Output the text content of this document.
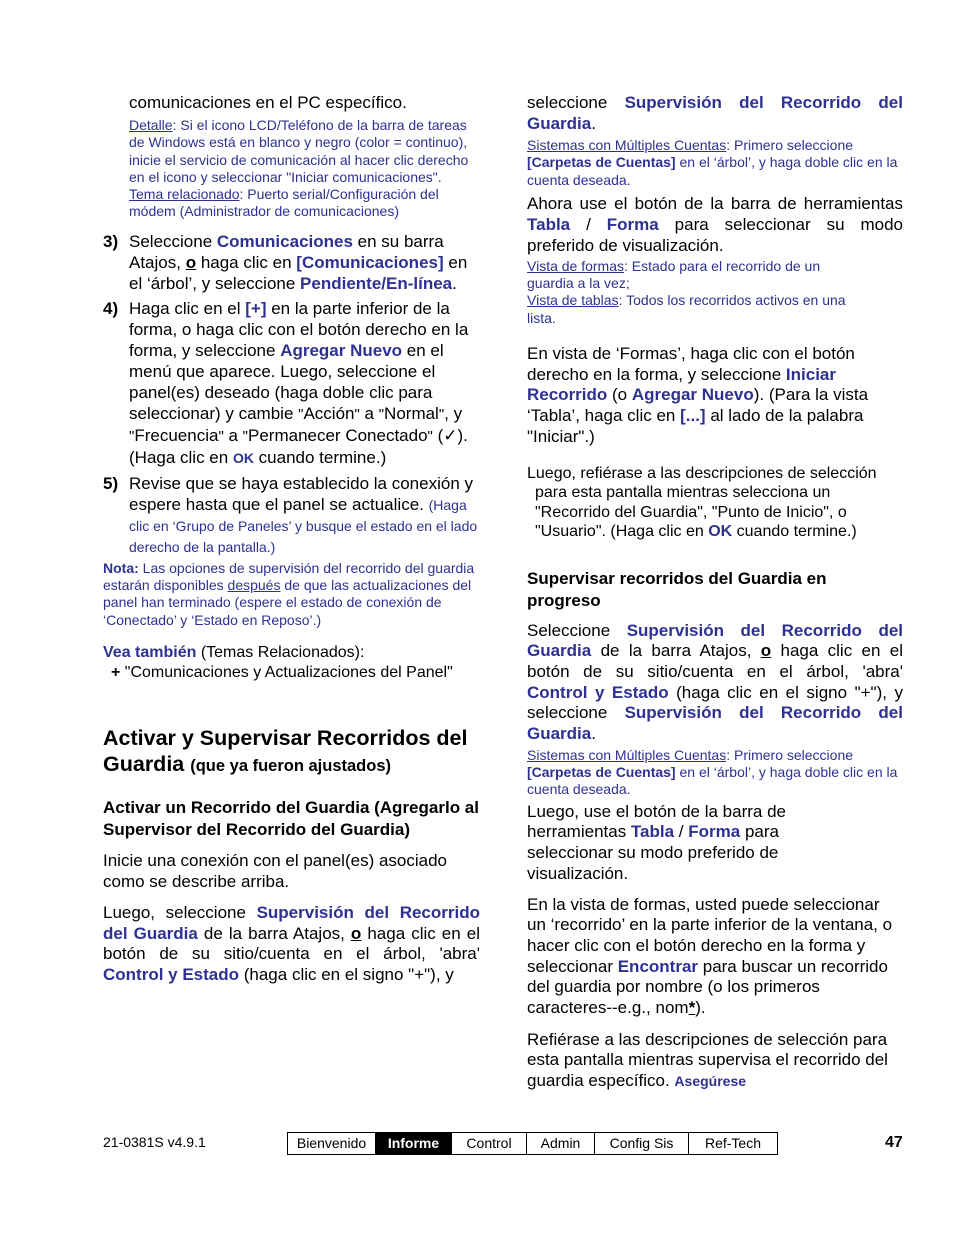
comunicaciones en el PC específico.

Detalle: Si el icono LCD/Teléfono de la barra de tareas de Windows está en blanco y negro (color = continuo), inicie el servicio de comunicación al hacer clic derecho en el icono y seleccionar "Iniciar comunicaciones".
Tema relacionado: Puerto serial/Configuración del módem (Administrador de comunicaciones)

3) Seleccione Comunicaciones en su barra Atajos, o haga clic en [Comunicaciones] en el ‘árbol’, y seleccione Pendiente/En-línea.
4) Haga clic en el [+] en la parte inferior de la forma, o haga clic con el botón derecho en la forma, y seleccione Agregar Nuevo en el menú que aparece. Luego, seleccione el panel(es) deseado (haga doble clic para seleccionar) y cambie "Acción" a "Normal", y "Frecuencia" a "Permanecer Conectado" (✓). (Haga clic en OK cuando termine.)
5) Revise que se haya establecido la conexión y espere hasta que el panel se actualice. (Haga clic en ‘Grupo de Paneles’ y busque el estado en el lado derecho de la pantalla.)

Nota: Las opciones de supervisión del recorrido del guardia estarán disponibles después de que las actualizaciones del panel han terminado (espere el estado de conexión de ‘Conectado’ y ‘Estado en Reposo’.)

Vea también (Temas Relacionados):

+ "Comunicaciones y Actualizaciones del Panel"

Activar y Supervisar Recorridos del Guardia (que ya fueron ajustados)
Activar un Recorrido del Guardia (Agregarlo al Supervisor del Recorrido del Guardia)

Inicie una conexión con el panel(es) asociado como se describe arriba.

Luego, seleccione Supervisión del Recorrido del Guardia de la barra Atajos, o haga clic en el botón de su sitio/cuenta en el árbol, 'abra' Control y Estado (haga clic en el signo "+"), y

seleccione Supervisión del Recorrido del Guardia.

Sistemas con Múltiples Cuentas: Primero seleccione [Carpetas de Cuentas] en el ‘árbol’, y haga doble clic en la cuenta deseada.

Ahora use el botón de la barra de herramientas Tabla / Forma para seleccionar su modo preferido de visualización.

Vista de formas: Estado para el recorrido de un guardia a la vez;
Vista de tablas: Todos los recorridos activos en una lista.

En vista de ‘Formas’, haga clic con el botón derecho en la forma, y seleccione Iniciar Recorrido (o Agregar Nuevo). (Para la vista ‘Tabla’, haga clic en [...] al lado de la palabra "Iniciar".)

Luego, refiérase a las descripciones de selección para esta pantalla mientras selecciona un "Recorrido del Guardia", "Punto de Inicio", o "Usuario". (Haga clic en OK cuando termine.)

Supervisar recorridos del Guardia en progreso

Seleccione Supervisión del Recorrido del Guardia de la barra Atajos, o haga clic en el botón de su sitio/cuenta en el árbol, 'abra' Control y Estado (haga clic en el signo "+"), y seleccione Supervisión del Recorrido del Guardia.

Sistemas con Múltiples Cuentas: Primero seleccione [Carpetas de Cuentas] en el ‘árbol’, y haga doble clic en la cuenta deseada.

Luego, use el botón de la barra de herramientas Tabla / Forma para seleccionar su modo preferido de visualización.

En la vista de formas, usted puede seleccionar un ‘recorrido’ en la parte inferior de la ventana, o hacer clic con el botón derecho en la forma y seleccionar Encontrar para buscar un recorrido del guardia por nombre (o los primeros caracteres--e.g., nom*).

Refiérase a las descripciones de selección para esta pantalla mientras supervisa el recorrido del guardia específico. Asegúrese

21-0381S v4.9.1	Bienvenido	Informe	Control	Admin	Config Sis	Ref-Tech	47
